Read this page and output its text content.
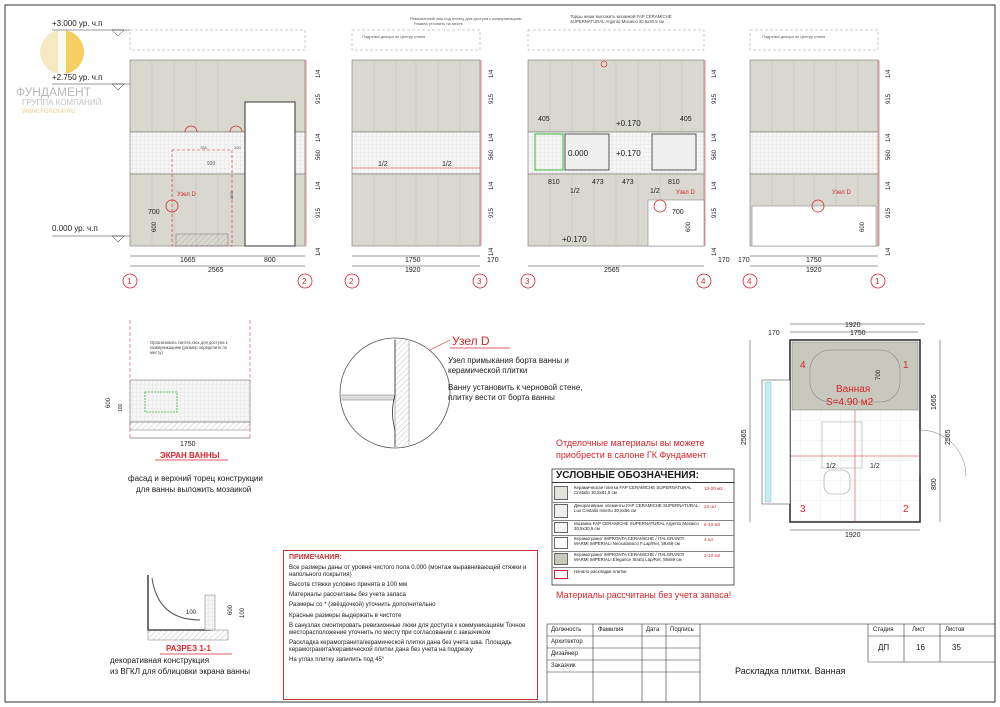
ФУНДАМЕНТ
ГРУППА КОМПАНИЙ
WWW.FGROUP.RU
+3.000 ур. ч.п
+2.750 ур. ч.п
0.000 ур. ч.п
Узел D
700
600
785
920
100
1800
1665	800
2565
1	2
1/4
915
1/4
560
1/4
915
1/4
Подрезка декора по центру стены
1/2	1/2
1750
1920
170
2	3
1/4
915
1/4
560
1/4
915
1/4
Ревизионный люк под плитку для доступа к коммуникациям
Размер уточнить на месте
Торцы ниши выложить мозаикой FAP CERAMICHE SUPERNATURAL Argento Mosaico 30,5x30,5 см
405	405
+0.170
0.000	+0.170
+0.170
810	473	473	810
1/2	1/2	Узел D
700
600
2565
170
3	4
1/4
915
1/4
560
1/4
915
1/4
Подрезка декора по центру стены
Узел D
600
1750
1920
170
4	1
1/4
915
1/4
560
1/4
915
1/4
Организовать сантех.люк для доступа к коммуникациям (размер определить по месту)
600 100
1750
ЭКРАН ВАННЫ
фасад и верхний торец конструкции
для ванны выложить мозаикой
Узел D
Узел примыкания борта ванны и
керамической плитки
Ванну установить к черновой стене,
плитку вести от борта ванны
100	600 100
РАЗРЕЗ 1-1
декоративная конструкция
из ВГКЛ для облицовки экрана ванны
1920
1750
170
Ванная
S=4.90 м2
1/2	1/2
700
4	1
3	2
2565	2565
1665
800
1920
Отделочные материалы вы можете
приобрести в салоне ГК Фундамент
Материалы рассчитаны без учета запаса!
ПРИМЕЧАНИЯ:

Все размеры даны от уровня чистого пола 0.000 (монтаж выравнивающей стяжки и напольного покрытия)

Высота стяжки условно принята в 100 мм

Материалы рассчитаны без учета запаса

Размеры со * (звёздочкой) уточнить дополнительно

Красные размеры выдержать в чистоте

В санузлах смонтировать ревизионные люки для доступа к коммуникациям Точное месторасположение уточнить по месту при согласовании с заказчиком

Раскладка керамогранита/керамической плитки дана без учета шва. Площадь керамогранита/керамической плитки дана без учета на подрезку

На углах плитку запилить под 45°

УСЛОВНЫЕ ОБОЗНАЧЕНИЯ:
Керамическая плитка FAP CERAMICHE SUPERNATURAL Cristallo 30,5x91,5 см
13-20 м2
Декоративные элементы FAP CERAMICHE SUPERNATURAL Lux Cristallo Inserto 30,5x56 см
23 шт
Мозаика FAP CERAMICHE SUPERNATURAL Argento Mosaico 30,5x30,5 см
6-10 м2
Керамогранит IMPRONTA CERAMICHE / ITALGRANITI MARMI IMPERIALI Neocalassico F.Lap/Ret. 59x59 см
4 шт
Керамогранит IMPRONTA CERAMICHE / ITALGRANITI MARMI IMPERIALI Elegance Strato Lap/Ret. 59x59 см
3-10 м2
Начало раскладки плитки
Должность	Фамилия	Дата Подпись
Архитектор
Дизайнер
Заказчик
Стадия	Лист	Листов
ДП	16	35
Раскладка плитки. Ванная
